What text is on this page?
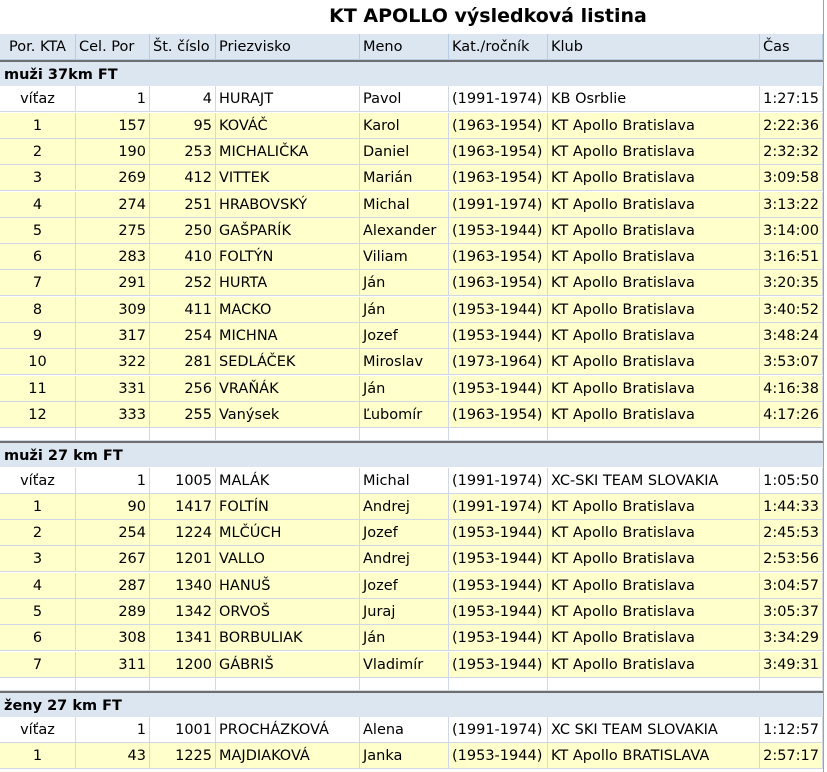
KT APOLLO výsledková listina
Por. KTA Cel. Por	Št. číslo Priezvisko	Meno	Kat./ročník	Klub	Čas
muži 37km FT
víťaz	1	4 HURAJT	Pavol	(1991-1974) KB Osrblie	1:27:15
1	157	95 KOVÁČ	Karol	(1963-1954) KT Apollo Bratislava	2:22:36
2	190	253 MICHALIČKA	Daniel	(1963-1954) KT Apollo Bratislava	2:32:32
3	269	412 VITTEK	Marián	(1963-1954) KT Apollo Bratislava	3:09:58
4	274	251 HRABOVSKÝ	Michal	(1991-1974) KT Apollo Bratislava	3:13:22
5	275	250 GAŠPARÍK	Alexander	(1953-1944) KT Apollo Bratislava	3:14:00
6	283	410 FOLTÝN	Viliam	(1963-1954) KT Apollo Bratislava	3:16:51
7	291	252 HURTA	Ján	(1963-1954) KT Apollo Bratislava	3:20:35
8	309	411 MACKO	Ján	(1953-1944) KT Apollo Bratislava	3:40:52
9	317	254 MICHNA	Jozef	(1953-1944) KT Apollo Bratislava	3:48:24
10	322	281 SEDLÁČEK	Miroslav	(1973-1964) KT Apollo Bratislava	3:53:07
11	331	256 VRAŇÁK	Ján	(1953-1944) KT Apollo Bratislava	4:16:38
12	333	255 Vanýsek	Ľubomír	(1963-1954) KT Apollo Bratislava	4:17:26
muži 27 km FT
víťaz	1	1005 MALÁK	Michal	(1991-1974) XC-SKI TEAM SLOVAKIA	1:05:50
1	90	1417 FOLTÍN	Andrej	(1991-1974) KT Apollo Bratislava	1:44:33
2	254	1224 MLČÚCH	Jozef	(1953-1944) KT Apollo Bratislava	2:45:53
3	267	1201 VALLO	Andrej	(1953-1944) KT Apollo Bratislava	2:53:56
4	287	1340 HANUŠ	Jozef	(1953-1944) KT Apollo Bratislava	3:04:57
5	289	1342 ORVOŠ	Juraj	(1953-1944) KT Apollo Bratislava	3:05:37
6	308	1341 BORBULIAK	Ján	(1953-1944) KT Apollo Bratislava	3:34:29
7	311	1200 GÁBRIŠ	Vladimír	(1953-1944) KT Apollo Bratislava	3:49:31
ženy 27 km FT
víťaz	1	1001 PROCHÁZKOVÁ	Alena	(1991-1974) XC SKI TEAM SLOVAKIA	1:12:57
1	43	1225 MAJDIAKOVÁ	Janka	(1953-1944) KT Apollo BRATISLAVA	2:57:17
